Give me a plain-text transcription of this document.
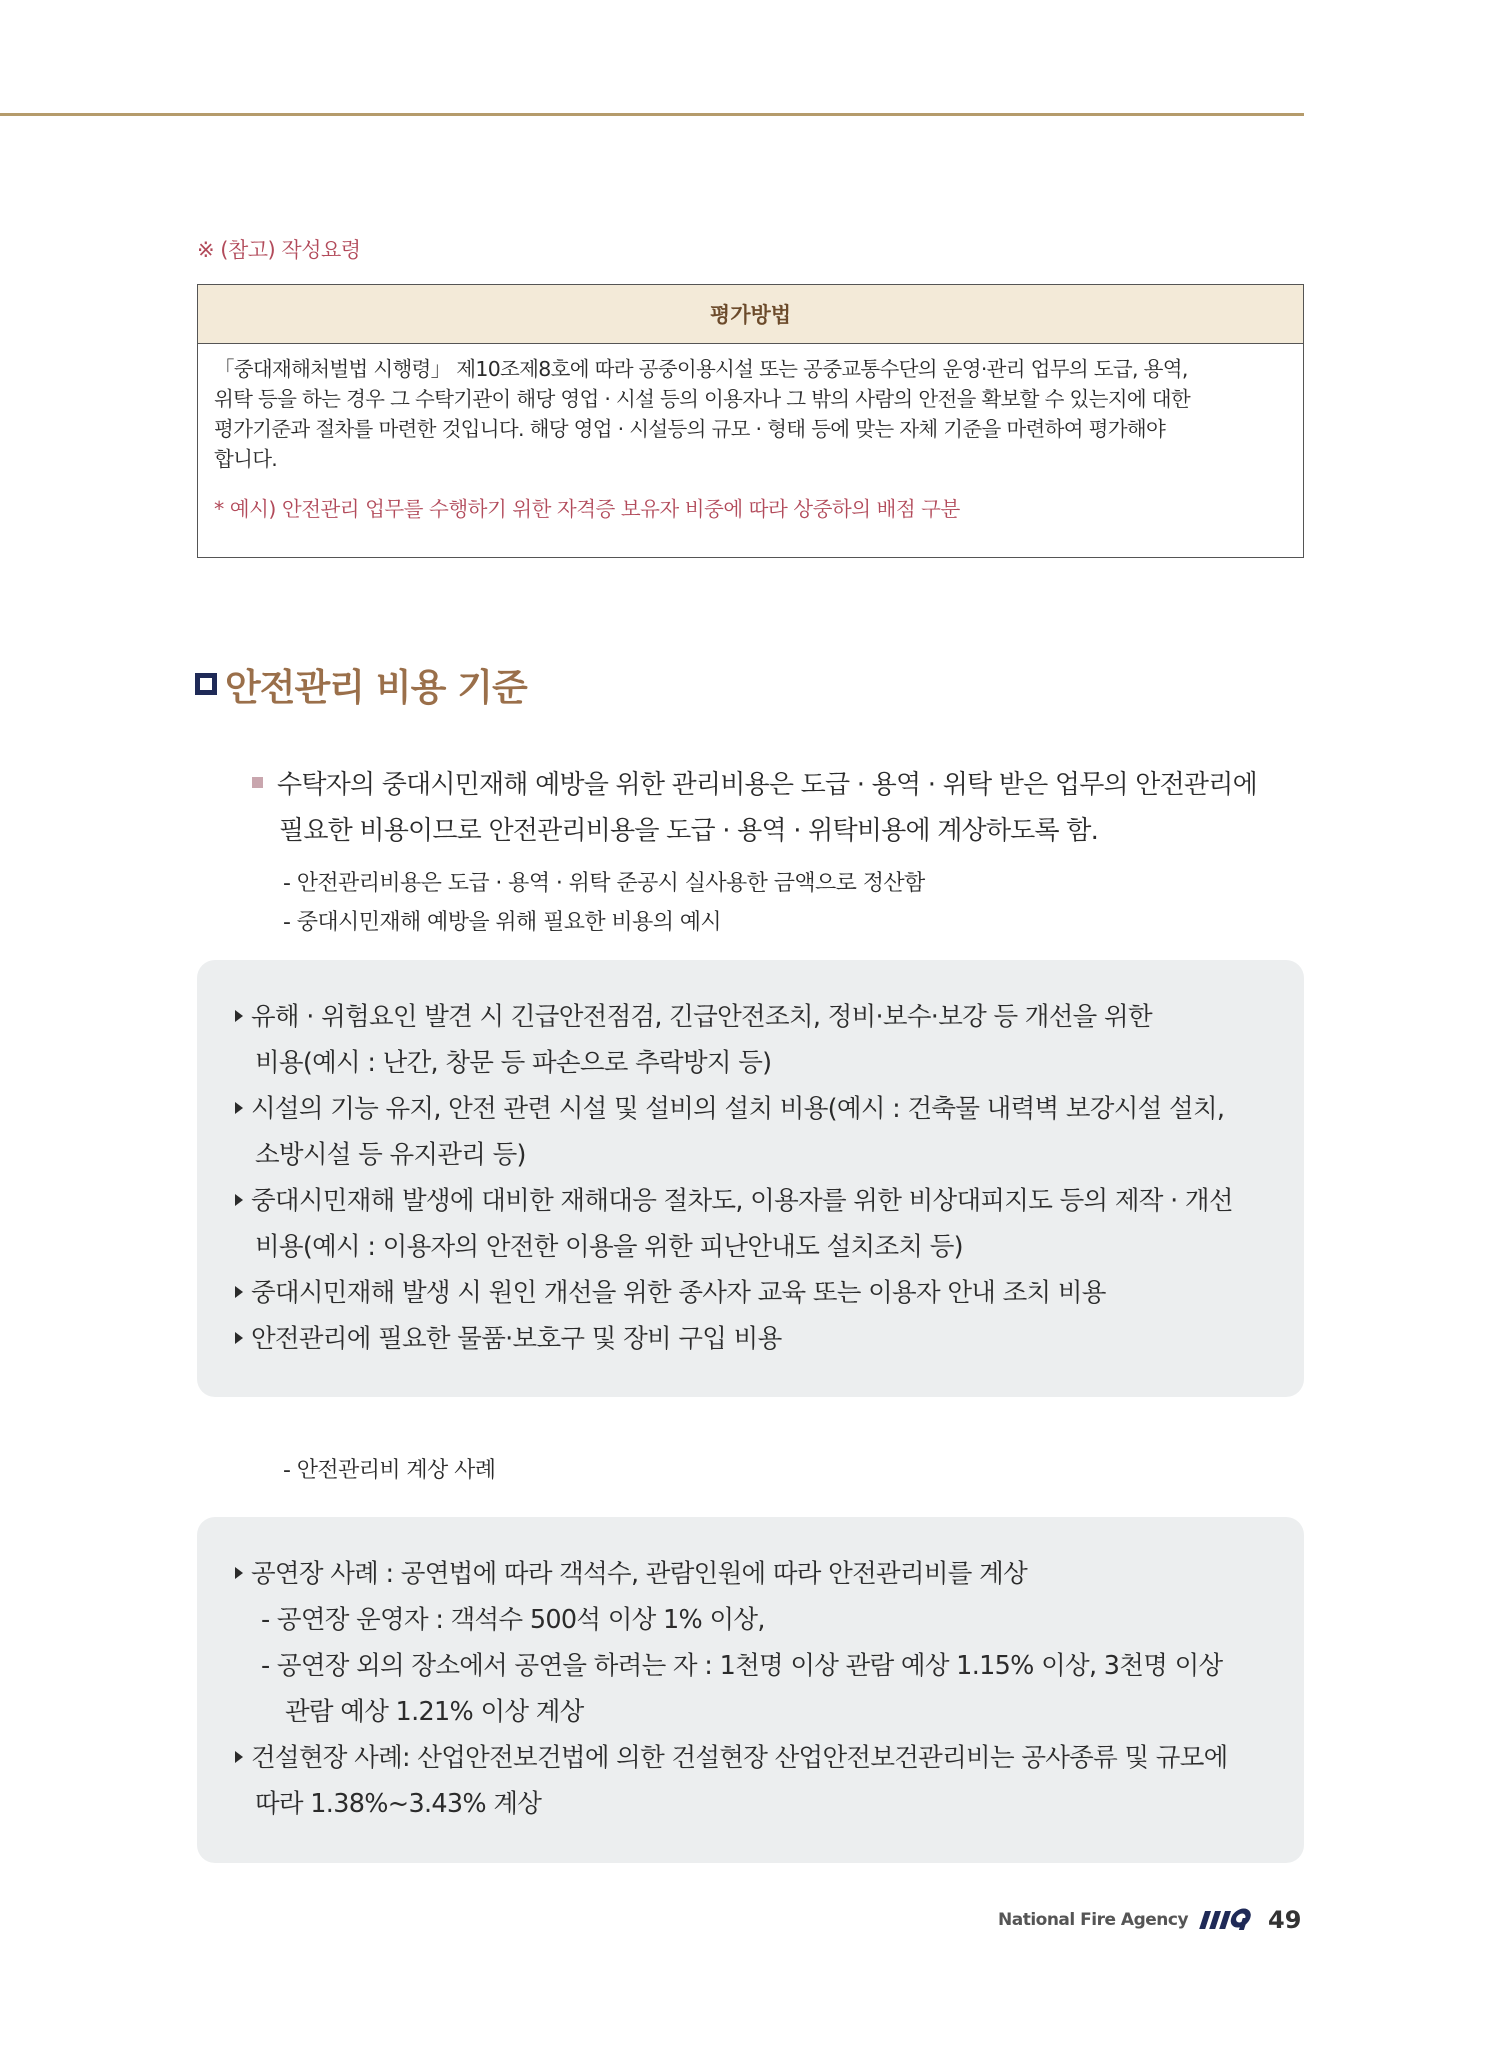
※ (참고) 작성요령
평가방법
「중대재해처벌법 시행령」 제10조제8호에 따라 공중이용시설 또는 공중교통수단의 운영·관리 업무의 도급, 용역,
위탁 등을 하는 경우 그 수탁기관이 해당 영업 · 시설 등의 이용자나 그 밖의 사람의 안전을 확보할 수 있는지에 대한
평가기준과 절차를 마련한 것입니다. 해당 영업 · 시설등의 규모 · 형태 등에 맞는 자체 기준을 마련하여 평가해야
합니다.
* 예시) 안전관리 업무를 수행하기 위한 자격증 보유자 비중에 따라 상중하의 배점 구분
안전관리 비용 기준
수탁자의 중대시민재해 예방을 위한 관리비용은 도급 · 용역 · 위탁 받은 업무의 안전관리에
필요한 비용이므로 안전관리비용을 도급 · 용역 · 위탁비용에 계상하도록 함.
- 안전관리비용은 도급 · 용역 · 위탁 준공시 실사용한 금액으로 정산함
- 중대시민재해 예방을 위해 필요한 비용의 예시
유해 · 위험요인 발견 시 긴급안전점검, 긴급안전조치, 정비·보수·보강 등 개선을 위한
비용(예시 : 난간, 창문 등 파손으로 추락방지 등)
시설의 기능 유지, 안전 관련 시설 및 설비의 설치 비용(예시 : 건축물 내력벽 보강시설 설치,
소방시설 등 유지관리 등)
중대시민재해 발생에 대비한 재해대응 절차도, 이용자를 위한 비상대피지도 등의 제작 · 개선
비용(예시 : 이용자의 안전한 이용을 위한 피난안내도 설치조치 등)
중대시민재해 발생 시 원인 개선을 위한 종사자 교육 또는 이용자 안내 조치 비용
안전관리에 필요한 물품·보호구 및 장비 구입 비용
- 안전관리비 계상 사례
공연장 사례 : 공연법에 따라 객석수, 관람인원에 따라 안전관리비를 계상
- 공연장 운영자 : 객석수 500석 이상 1% 이상,
- 공연장 외의 장소에서 공연을 하려는 자 : 1천명 이상 관람 예상 1.15% 이상, 3천명 이상
관람 예상 1.21% 이상 계상
건설현장 사례: 산업안전보건법에 의한 건설현장 산업안전보건관리비는 공사종류 및 규모에
따라 1.38%~3.43% 계상
National Fire Agency	49
